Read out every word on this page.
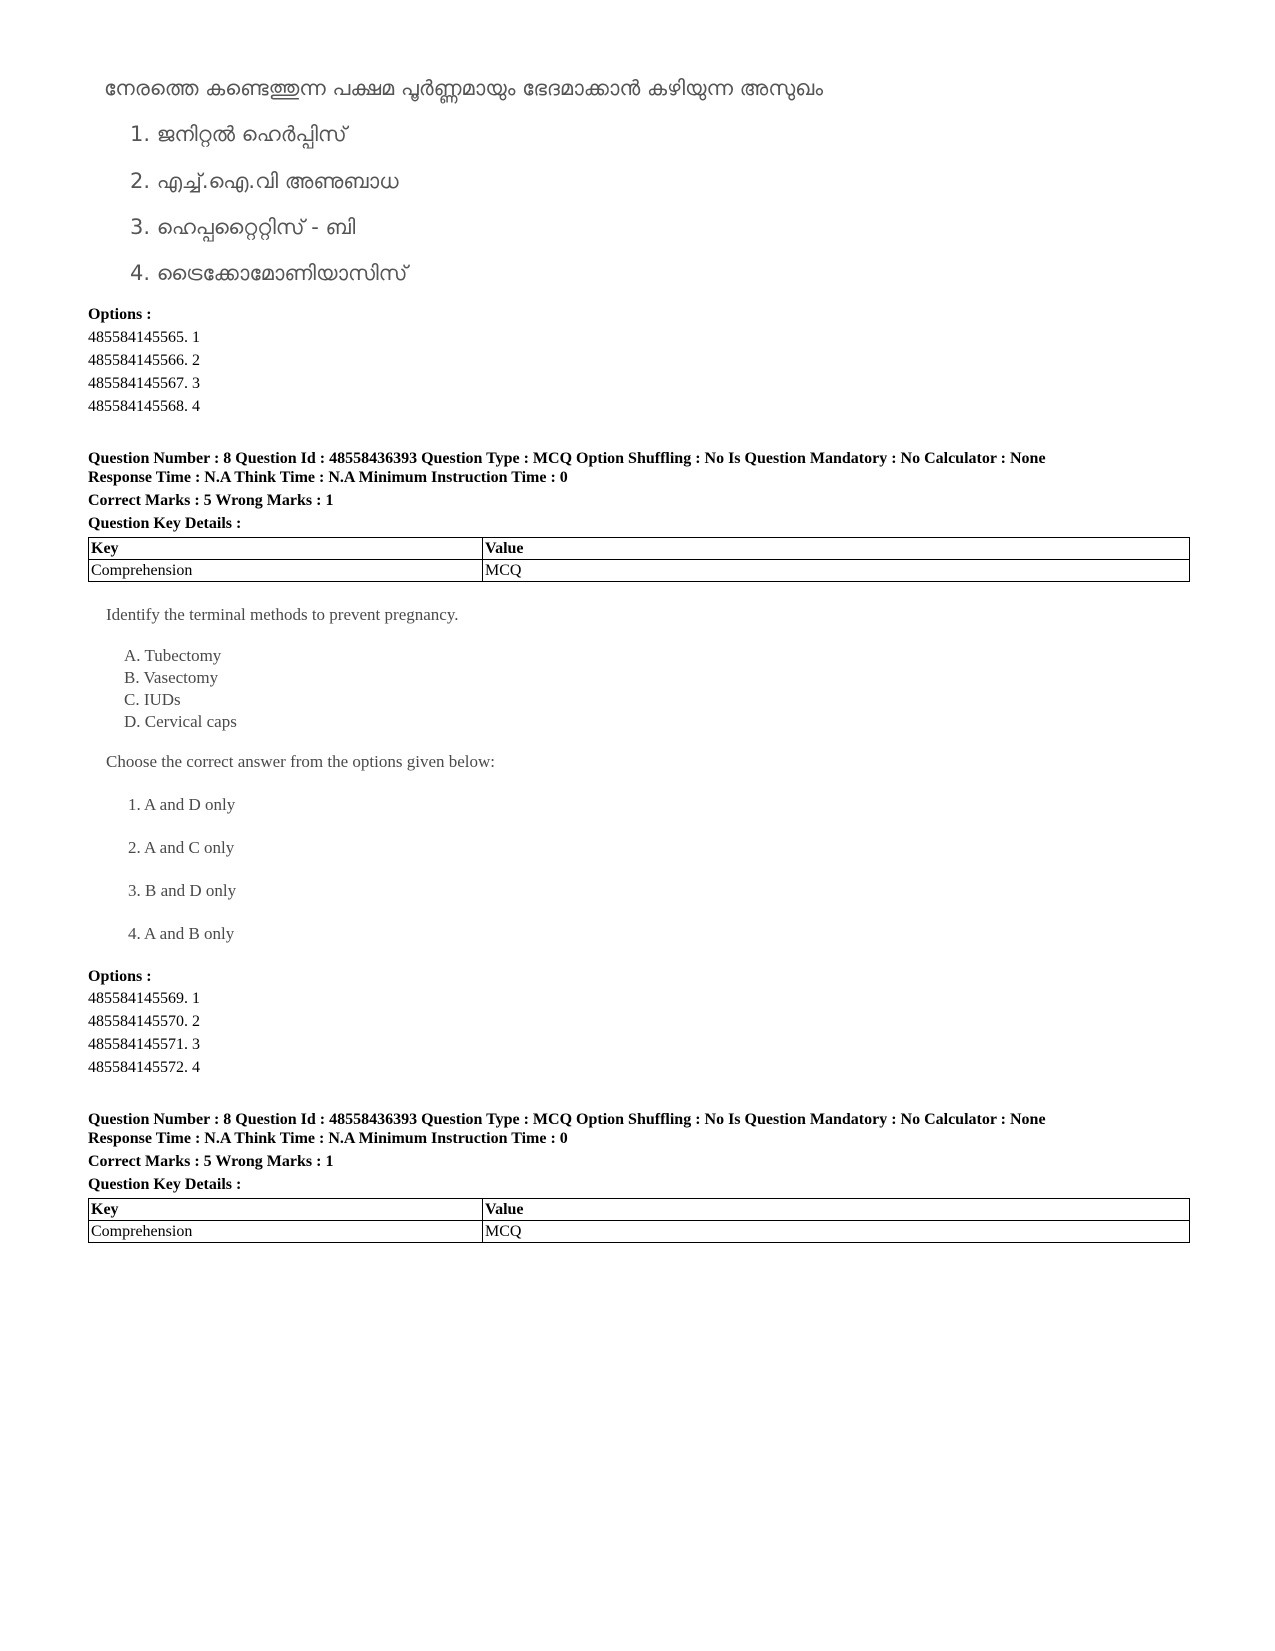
നേരത്തെ കണ്ടെത്തുന്ന പക്ഷമ പൂർണ്ണമായും ഭേദമാക്കാൻ കഴിയുന്ന അസുഖം
1. ജനിറ്റൽ ഹെർപ്പിസ്
2. എച്ച്.ഐ.വി അണുബാധ
3. ഹെപ്പറ്റൈറ്റിസ് - ബി
4. ട്രൈക്കോമോണിയാസിസ്
Options :
485584145565. 1
485584145566. 2
485584145567. 3
485584145568. 4
Question Number : 8 Question Id : 48558436393 Question Type : MCQ Option Shuffling : No Is Question Mandatory : No Calculator : None
Response Time : N.A Think Time : N.A Minimum Instruction Time : 0
Correct Marks : 5 Wrong Marks : 1
Question Key Details :
Key	Value
Comprehension	MCQ
Identify the terminal methods to prevent pregnancy.
A. Tubectomy
B. Vasectomy
C. IUDs
D. Cervical caps
Choose the correct answer from the options given below:
1. A and D only
2. A and C only
3. B and D only
4. A and B only
Options :
485584145569. 1
485584145570. 2
485584145571. 3
485584145572. 4
Question Number : 8 Question Id : 48558436393 Question Type : MCQ Option Shuffling : No Is Question Mandatory : No Calculator : None
Response Time : N.A Think Time : N.A Minimum Instruction Time : 0
Correct Marks : 5 Wrong Marks : 1
Question Key Details :
Key	Value
Comprehension	MCQ
